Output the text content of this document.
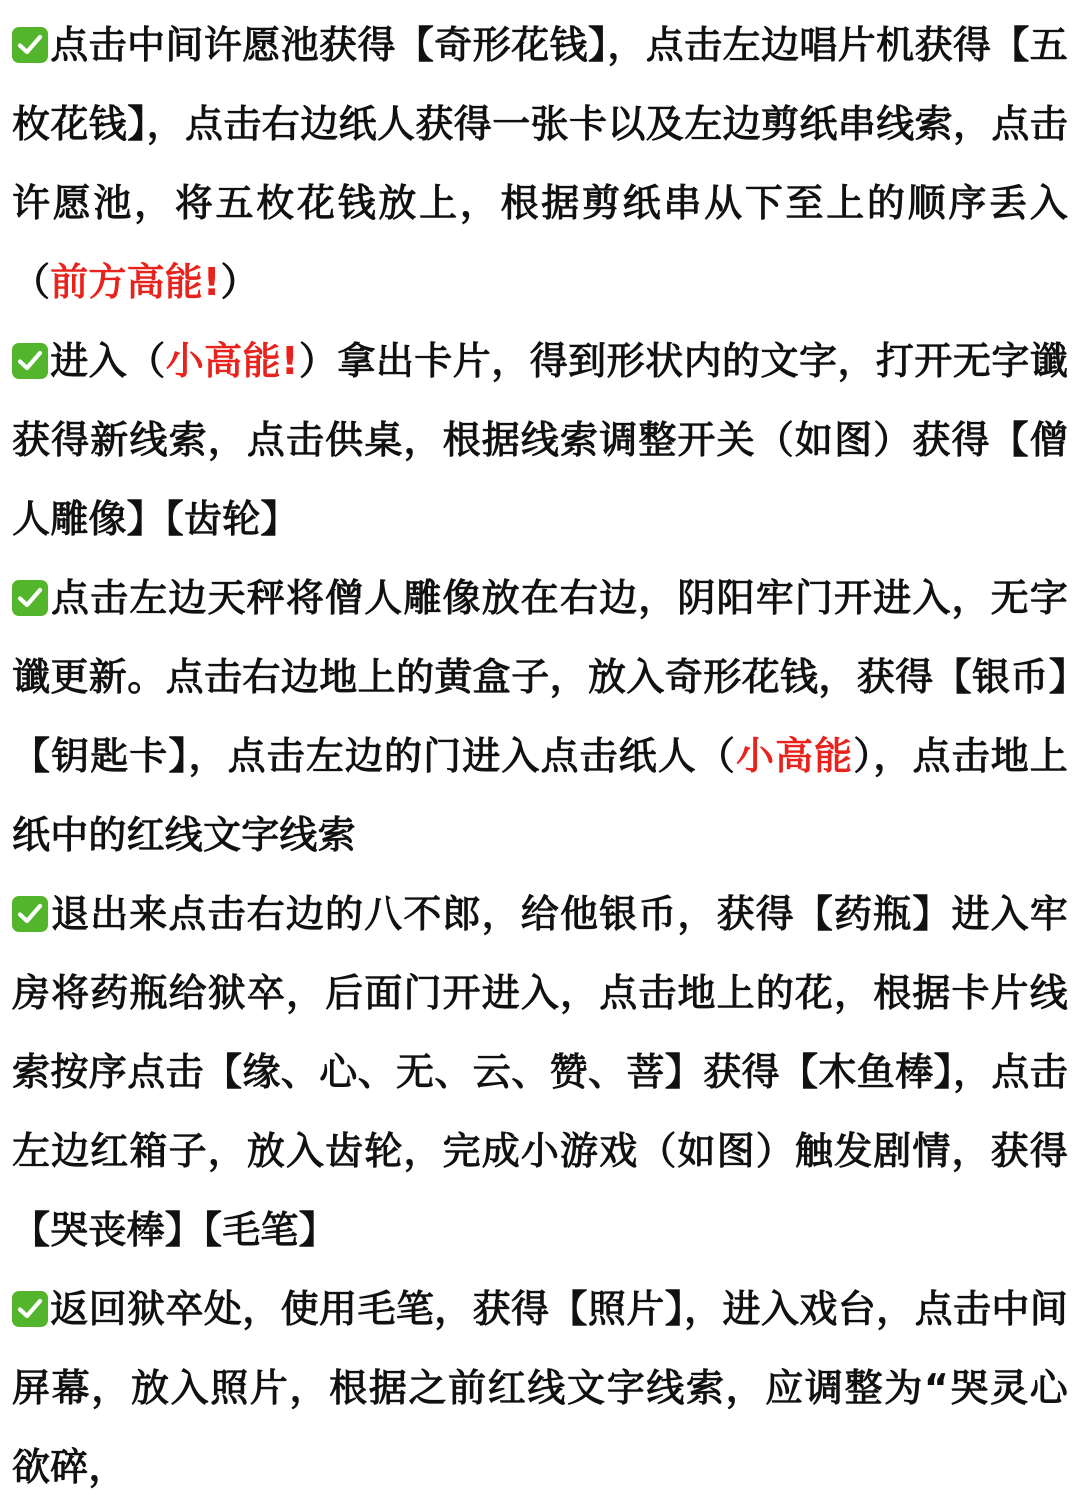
点击中间许愿池获得【奇形花钱】，点击左边唱片机获得【五枚花钱】，点击右边纸人获得一张卡以及左边剪纸串线索，点击许愿池，将五枚花钱放上，根据剪纸串从下至上的顺序丢入（前方高能!）

进入（小高能!）拿出卡片，得到形状内的文字，打开无字谶获得新线索，点击供桌，根据线索调整开关（如图）获得【僧人雕像】【齿轮】

点击左边天秤将僧人雕像放在右边，阴阳牢门开进入，无字谶更新。点击右边地上的黄盒子，放入奇形花钱，获得【银币】【钥匙卡】，点击左边的门进入点击纸人（小高能），点击地上纸中的红线文字线索

退出来点击右边的八不郎，给他银币，获得【药瓶】进入牢房将药瓶给狱卒，后面门开进入，点击地上的花，根据卡片线索按序点击【缘、心、无、云、赞、菩】获得【木鱼棒】，点击左边红箱子，放入齿轮，完成小游戏（如图）触发剧情，获得【哭丧棒】【毛笔】

返回狱卒处，使用毛笔，获得【照片】，进入戏台，点击中间屏幕，放入照片，根据之前红线文字线索，应调整为“哭灵心欲碎，
